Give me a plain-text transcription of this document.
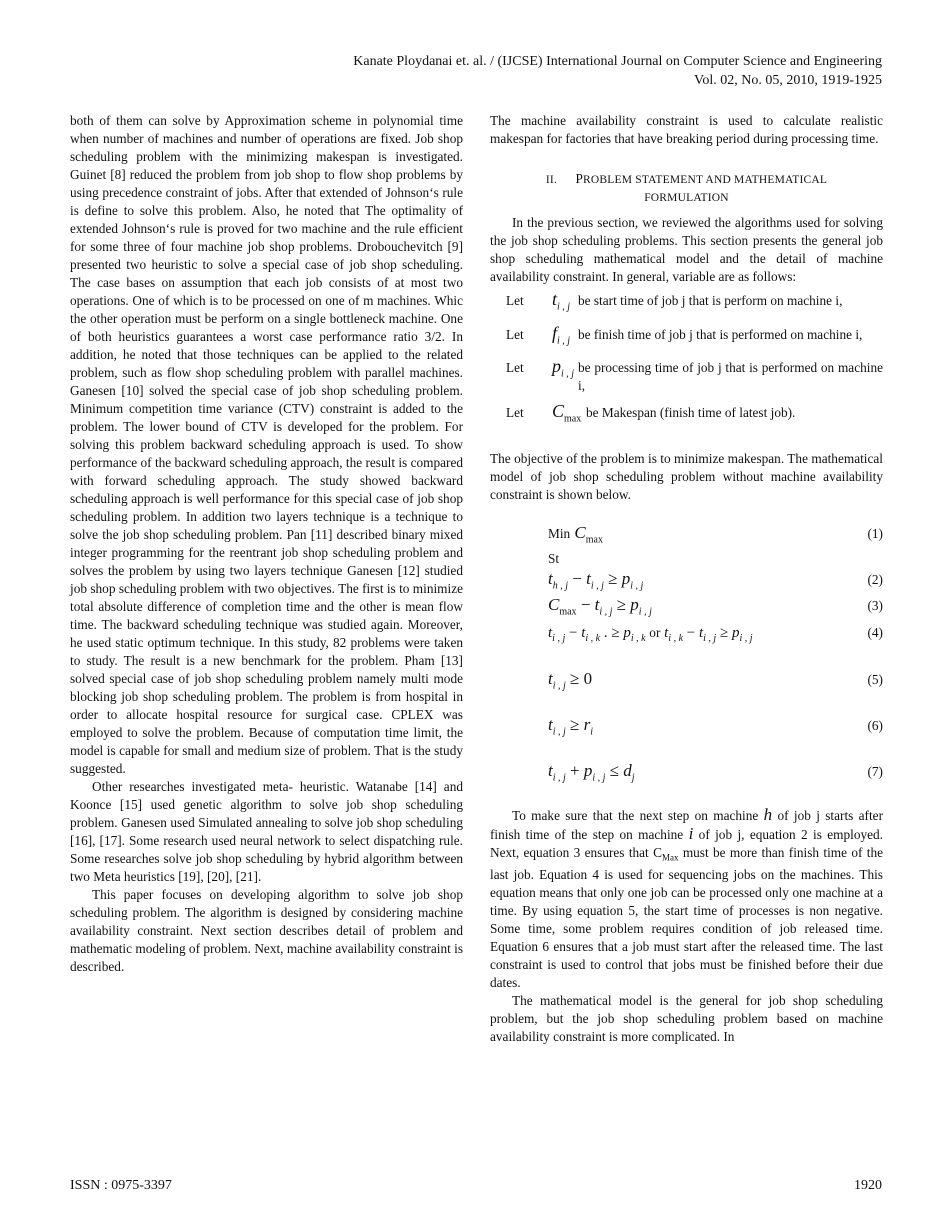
Kanate Ploydanai et. al. / (IJCSE) International Journal on Computer Science and Engineering
Vol. 02, No. 05, 2010, 1919-1925

both of them can solve by Approximation scheme in polynomial time when number of machines and number of operations are fixed. Job shop scheduling problem with the minimizing makespan is investigated. Guinet [8] reduced the problem from job shop to flow shop problems by using precedence constraint of jobs. After that extended of Johnson‘s rule is define to solve this problem. Also, he noted that The optimality of extended Johnson‘s rule is proved for two machine and the rule efficient for some three of four machine job shop problems. Drobouchevitch [9] presented two heuristic to solve a special case of job shop scheduling. The case bases on assumption that each job consists of at most two operations. One of which is to be processed on one of m machines. Whic the other operation must be perform on a single bottleneck machine. One of both heuristics guarantees a worst case performance ratio 3/2. In addition, he noted that those techniques can be applied to the related problem, such as flow shop scheduling problem with parallel machines. Ganesen [10] solved the special case of job shop scheduling problem. Minimum competition time variance (CTV) constraint is added to the problem. The lower bound of CTV is developed for the problem. For solving this problem backward scheduling approach is used. To show performance of the backward scheduling approach, the result is compared with forward scheduling approach. The study showed backward scheduling approach is well performance for this special case of job shop scheduling problem. In addition two layers technique is a technique to solve the job shop scheduling problem. Pan [11] described binary mixed integer programming for the reentrant job shop scheduling problem and solves the problem by using two layers technique Ganesen [12] studied job shop scheduling problem with two objectives. The first is to minimize total absolute difference of completion time and the other is mean flow time. The backward scheduling technique was studied again. Moreover, he used static optimum technique. In this study, 82 problems were taken to study. The result is a new benchmark for the problem. Pham [13] solved special case of job shop scheduling problem namely multi mode blocking job shop scheduling problem. The problem is from hospital in order to allocate hospital resource for surgical case. CPLEX was employed to solve the problem. Because of computation time limit, the model is capable for small and medium size of problem. That is the study suggested.

Other researches investigated meta- heuristic. Watanabe [14] and Koonce [15] used genetic algorithm to solve job shop scheduling problem. Ganesen used Simulated annealing to solve job shop scheduling [16], [17]. Some research used neural network to select dispatching rule. Some researches solve job shop scheduling by hybrid algorithm between two Meta heuristics [19], [20], [21].

This paper focuses on developing algorithm to solve job shop scheduling problem. The algorithm is designed by considering machine availability constraint. Next section describes detail of problem and mathematic modeling of problem. Next, machine availability constraint is described.

The machine availability constraint is used to calculate realistic makespan for factories that have breaking period during processing time.

II. PROBLEM STATEMENT AND MATHEMATICAL
FORMULATION

In the previous section, we reviewed the algorithms used for solving the job shop scheduling problems. This section presents the general job shop scheduling mathematical model and the detail of machine availability constraint. In general, variable are as follows:

Let	$t_{i , j}$ be start time of job j that is perform on machine i,
Let	$f_{i , j}$ be finish time of job j that is performed on machine i,
Let	$p_{i , j}$ be processing time of job j that is performed on machine i,
Let	$C_{max}$ be Makespan (finish time of latest job).

The objective of the problem is to minimize makespan. The mathematical model of job shop scheduling problem without machine availability constraint is shown below.

Min $C_{max}$	(1)
St
$t_{h , j} - t_{i , j} \ge p_{i , j}$	(2)
$C_{max} - t_{i , j} \ge p_{i , j}$	(3)
$t_{i , j} - t_{i , k}$ . ≥ $p_{i , k}$ or $t_{i , k} - t_{i , j} \ge p_{i , j}$	(4)
$t_{i , j} \ge 0$	(5)
$t_{i , j} \ge r_i$	(6)
$t_{i , j} + p_{i , j} \le d_j$	(7)

To make sure that the next step on machine h of job j starts after finish time of the step on machine i of job j, equation 2 is employed. Next, equation 3 ensures that $C_{Max}$ must be more than finish time of the last job. Equation 4 is used for sequencing jobs on the machines. This equation means that only one job can be processed only one machine at a time. By using equation 5, the start time of processes is non negative. Some time, some problem requires condition of job released time. Equation 6 ensures that a job must start after the released time. The last constraint is used to control that jobs must be finished before their due dates.

The mathematical model is the general for job shop scheduling problem, but the job shop scheduling problem based on machine availability constraint is more complicated. In

ISSN : 0975-3397	1920
